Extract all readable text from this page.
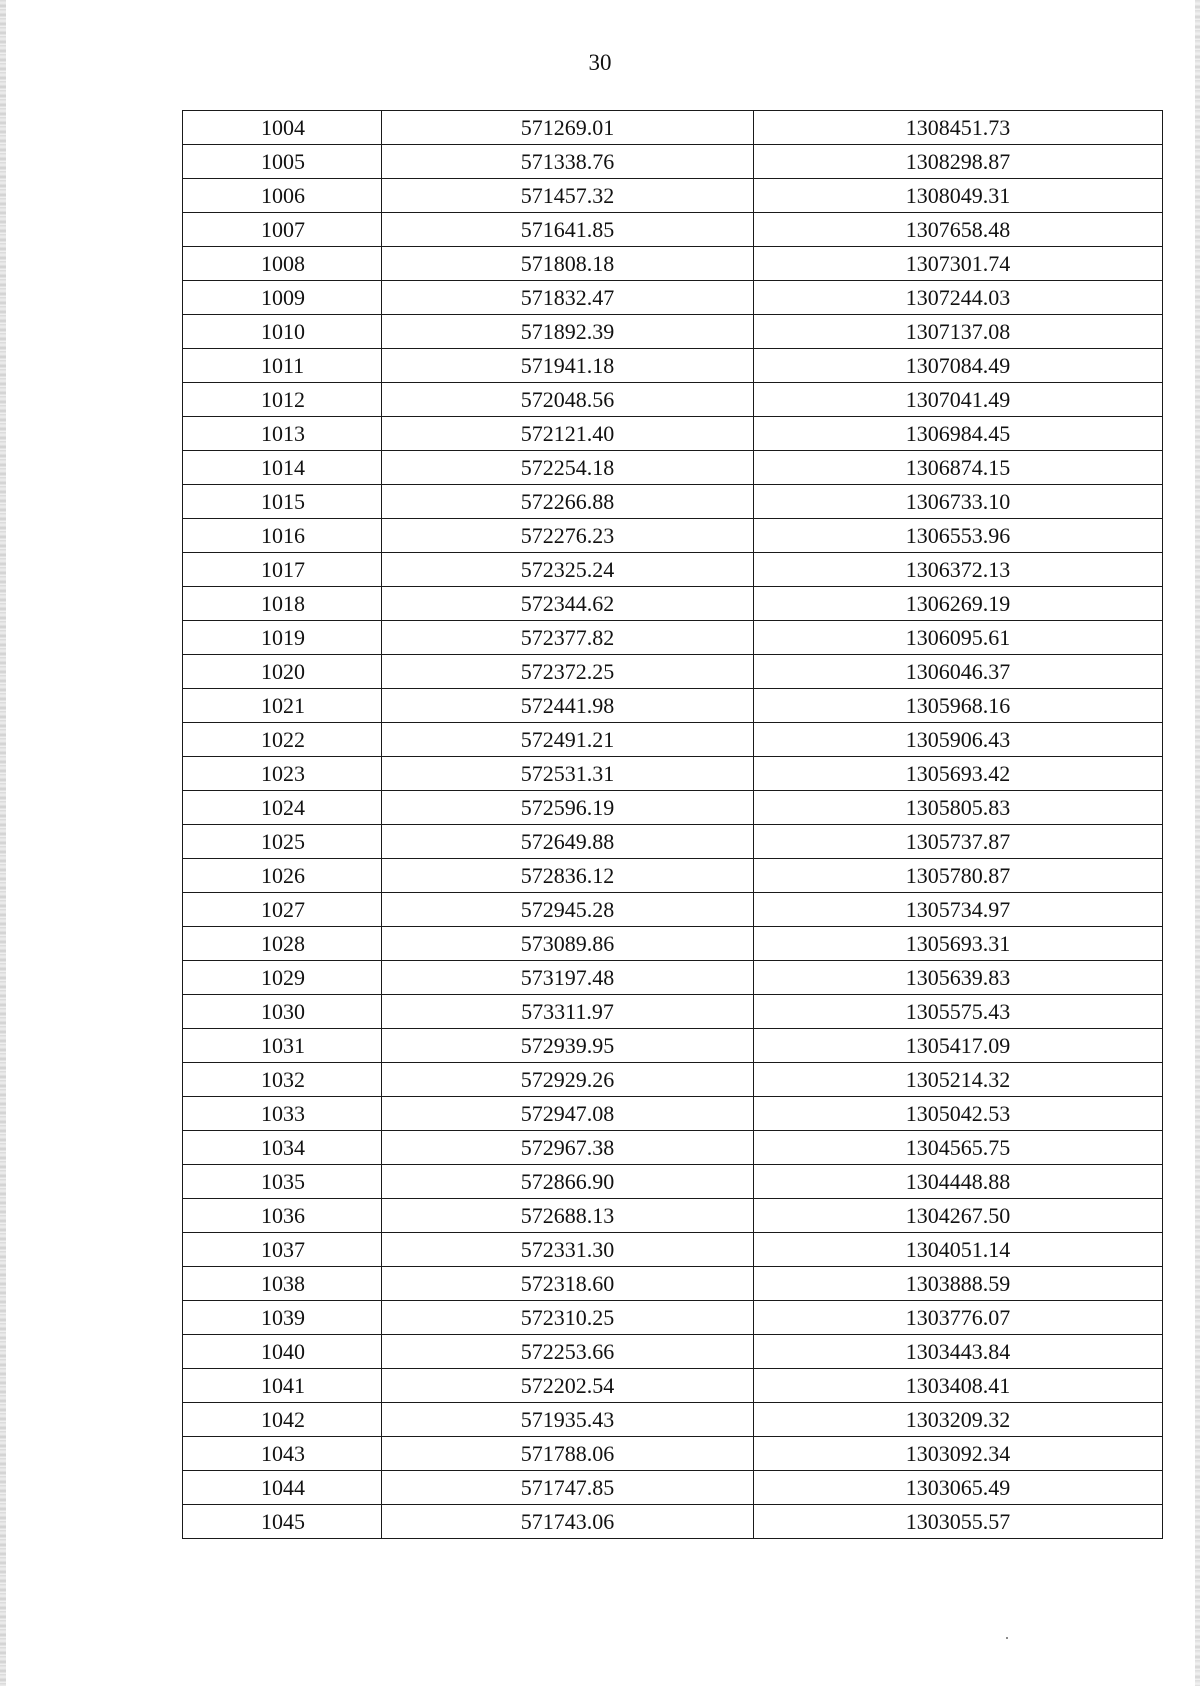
30
1004	571269.01	1308451.73
1005	571338.76	1308298.87
1006	571457.32	1308049.31
1007	571641.85	1307658.48
1008	571808.18	1307301.74
1009	571832.47	1307244.03
1010	571892.39	1307137.08
1011	571941.18	1307084.49
1012	572048.56	1307041.49
1013	572121.40	1306984.45
1014	572254.18	1306874.15
1015	572266.88	1306733.10
1016	572276.23	1306553.96
1017	572325.24	1306372.13
1018	572344.62	1306269.19
1019	572377.82	1306095.61
1020	572372.25	1306046.37
1021	572441.98	1305968.16
1022	572491.21	1305906.43
1023	572531.31	1305693.42
1024	572596.19	1305805.83
1025	572649.88	1305737.87
1026	572836.12	1305780.87
1027	572945.28	1305734.97
1028	573089.86	1305693.31
1029	573197.48	1305639.83
1030	573311.97	1305575.43
1031	572939.95	1305417.09
1032	572929.26	1305214.32
1033	572947.08	1305042.53
1034	572967.38	1304565.75
1035	572866.90	1304448.88
1036	572688.13	1304267.50
1037	572331.30	1304051.14
1038	572318.60	1303888.59
1039	572310.25	1303776.07
1040	572253.66	1303443.84
1041	572202.54	1303408.41
1042	571935.43	1303209.32
1043	571788.06	1303092.34
1044	571747.85	1303065.49
1045	571743.06	1303055.57
